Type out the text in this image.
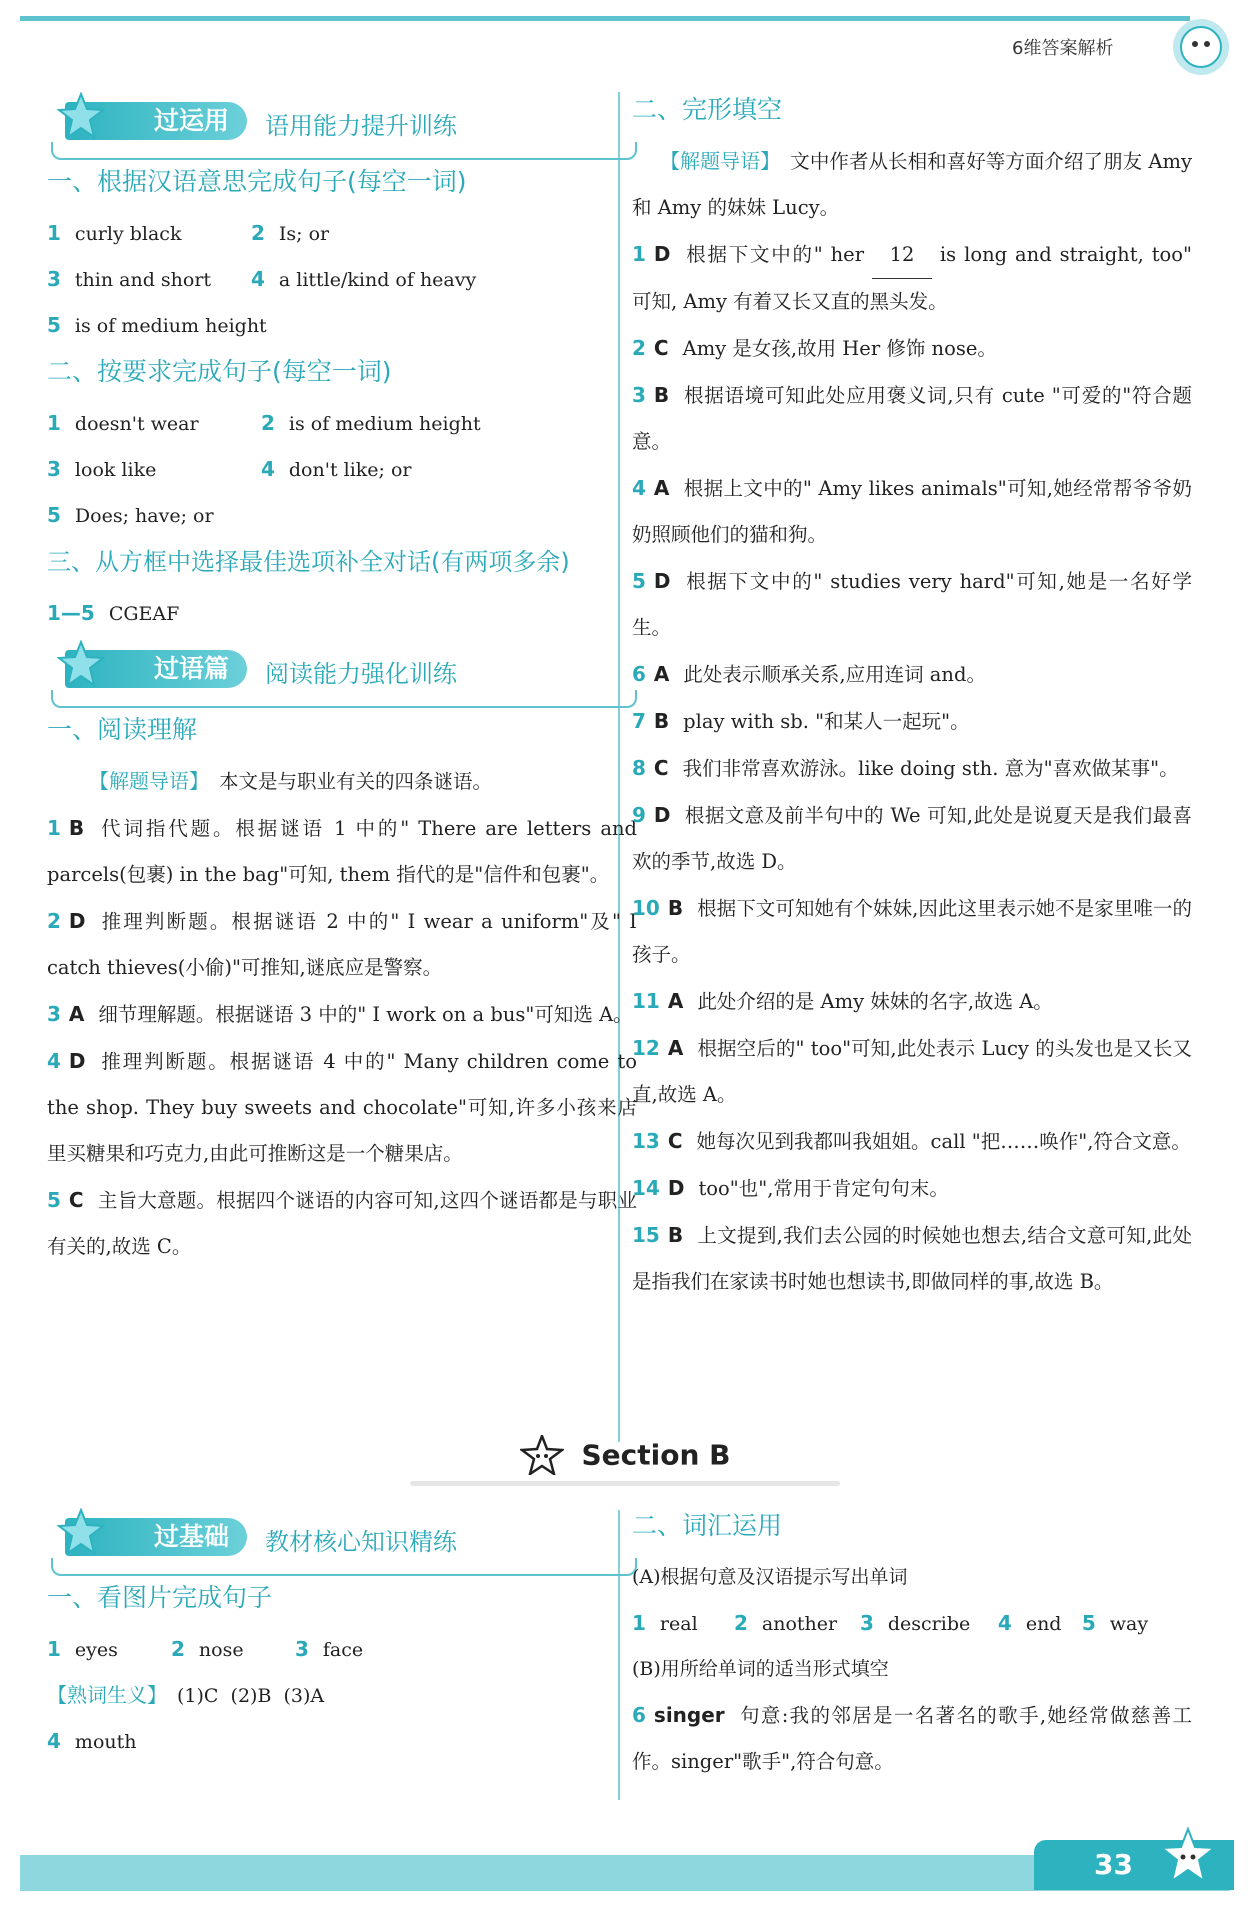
6维答案解析
过运用	语用能力提升训练
一、根据汉语意思完成句子(每空一词)
1 curly black	2 Is; or
3 thin and short 4 a little/kind of heavy
5 is of medium height
二、按要求完成句子(每空一词)
1 doesn't wear	2 is of medium height
3 look like	4 don't like; or
5 Does; have; or
三、从方框中选择最佳选项补全对话(有两项多余)
1—5 CGEAF
过语篇	阅读能力强化训练
一、阅读理解
【解题导语】 本文是与职业有关的四条谜语。
1 B 代词指代题。根据谜语 1 中的" There are letters and parcels(包裹) in the bag"可知, them 指代的是"信件和包裹"。
2 D 推理判断题。根据谜语 2 中的" I wear a uniform"及" I catch thieves(小偷)"可推知,谜底应是警察。
3 A 细节理解题。根据谜语 3 中的" I work on a bus"可知选 A。
4 D 推理判断题。根据谜语 4 中的" Many children come to the shop. They buy sweets and chocolate"可知,许多小孩来店里买糖果和巧克力,由此可推断这是一个糖果店。
5 C 主旨大意题。根据四个谜语的内容可知,这四个谜语都是与职业有关的,故选 C。
二、完形填空
【解题导语】 文中作者从长相和喜好等方面介绍了朋友 Amy 和 Amy 的妹妹 Lucy。
1 D 根据下文中的" her 12 is long and straight, too" 可知, Amy 有着又长又直的黑头发。
2 C Amy 是女孩,故用 Her 修饰 nose。
3 B 根据语境可知此处应用褒义词,只有 cute "可爱的"符合题意。
4 A 根据上文中的" Amy likes animals"可知,她经常帮爷爷奶奶照顾他们的猫和狗。
5 D 根据下文中的" studies very hard"可知,她是一名好学生。
6 A 此处表示顺承关系,应用连词 and。
7 B play with sb. "和某人一起玩"。
8 C 我们非常喜欢游泳。like doing sth. 意为"喜欢做某事"。
9 D 根据文意及前半句中的 We 可知,此处是说夏天是我们最喜欢的季节,故选 D。
10 B 根据下文可知她有个妹妹,因此这里表示她不是家里唯一的孩子。
11 A 此处介绍的是 Amy 妹妹的名字,故选 A。
12 A 根据空后的" too"可知,此处表示 Lucy 的头发也是又长又直,故选 A。
13 C 她每次见到我都叫我姐姐。call "把……唤作",符合文意。
14 D too"也",常用于肯定句句末。
15 B 上文提到,我们去公园的时候她也想去,结合文意可知,此处是指我们在家读书时她也想读书,即做同样的事,故选 B。
Section B
过基础	教材核心知识精练
一、看图片完成句子
1 eyes	2 nose	3 face
【熟词生义】 (1)C  (2)B  (3)A
4 mouth
二、词汇运用
(A)根据句意及汉语提示写出单词
1 real 2 another 3 describe 4 end 5 way
(B)用所给单词的适当形式填空
6 singer 句意:我的邻居是一名著名的歌手,她经常做慈善工作。singer"歌手",符合句意。
33
